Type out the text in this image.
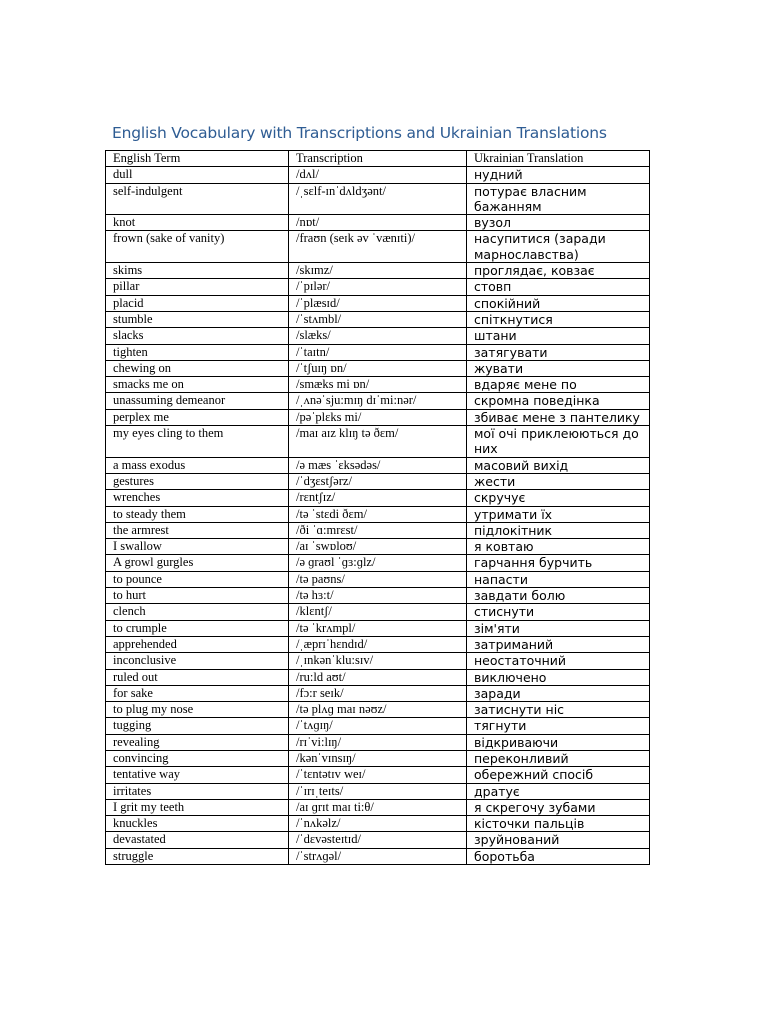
English Vocabulary with Transcriptions and Ukrainian Translations
English Term	Transcription	Ukrainian Translation
dull	/dʌl/	нудний
self-indulgent	/ˌsɛlf-ɪnˈdʌldʒənt/	потурає власним бажанням
knot	/nɒt/	вузол
frown (sake of vanity)	/fraʊn (seɪk əv ˈvænɪti)/	насупитися (заради марнославства)
skims	/skɪmz/	проглядає, ковзає
pillar	/ˈpɪlər/	стовп
placid	/ˈplæsɪd/	спокійний
stumble	/ˈstʌmbl/	спіткнутися
slacks	/slæks/	штани
tighten	/ˈtaɪtn/	затягувати
chewing on	/ˈtʃuɪŋ ɒn/	жувати
smacks me on	/smæks mi ɒn/	вдаряє мене по
unassuming demeanor	/ˌʌnəˈsju:mɪŋ dɪˈmi:nər/	скромна поведінка
perplex me	/pəˈplɛks mi/	збиває мене з пантелику
my eyes cling to them	/maɪ aɪz klɪŋ tə ðɛm/	мої очі приклеюються до них
a mass exodus	/ə mæs ˈɛksədəs/	масовий вихід
gestures	/ˈdʒɛstʃərz/	жести
wrenches	/rɛntʃɪz/	скручує
to steady them	/tə ˈstɛdi ðɛm/	утримати їх
the armrest	/ði ˈɑ:mrɛst/	підлокітник
I swallow	/aɪ ˈswɒloʊ/	я ковтаю
A growl gurgles	/ə ɡraʊl ˈɡɜ:ɡlz/	гарчання бурчить
to pounce	/tə paʊns/	напасти
to hurt	/tə hɜ:t/	завдати болю
clench	/klɛntʃ/	стиснути
to crumple	/tə ˈkrʌmpl/	зім'яти
apprehended	/ˌæprɪˈhɛndɪd/	затриманий
inconclusive	/ˌɪnkənˈklu:sɪv/	неостаточний
ruled out	/ru:ld aʊt/	виключено
for sake	/fɔ:r seɪk/	заради
to plug my nose	/tə plʌɡ maɪ nəʊz/	затиснути ніс
tugging	/ˈtʌɡɪŋ/	тягнути
revealing	/rɪˈvi:lɪŋ/	відкриваючи
convincing	/kənˈvɪnsɪŋ/	переконливий
tentative way	/ˈtɛntətɪv weɪ/	обережний спосіб
irritates	/ˈɪrɪˌteɪts/	дратує
I grit my teeth	/aɪ ɡrɪt maɪ ti:θ/	я скрегочу зубами
knuckles	/ˈnʌkəlz/	кісточки пальців
devastated	/ˈdɛvəsteɪtɪd/	зруйнований
struggle	/ˈstrʌɡəl/	боротьба
